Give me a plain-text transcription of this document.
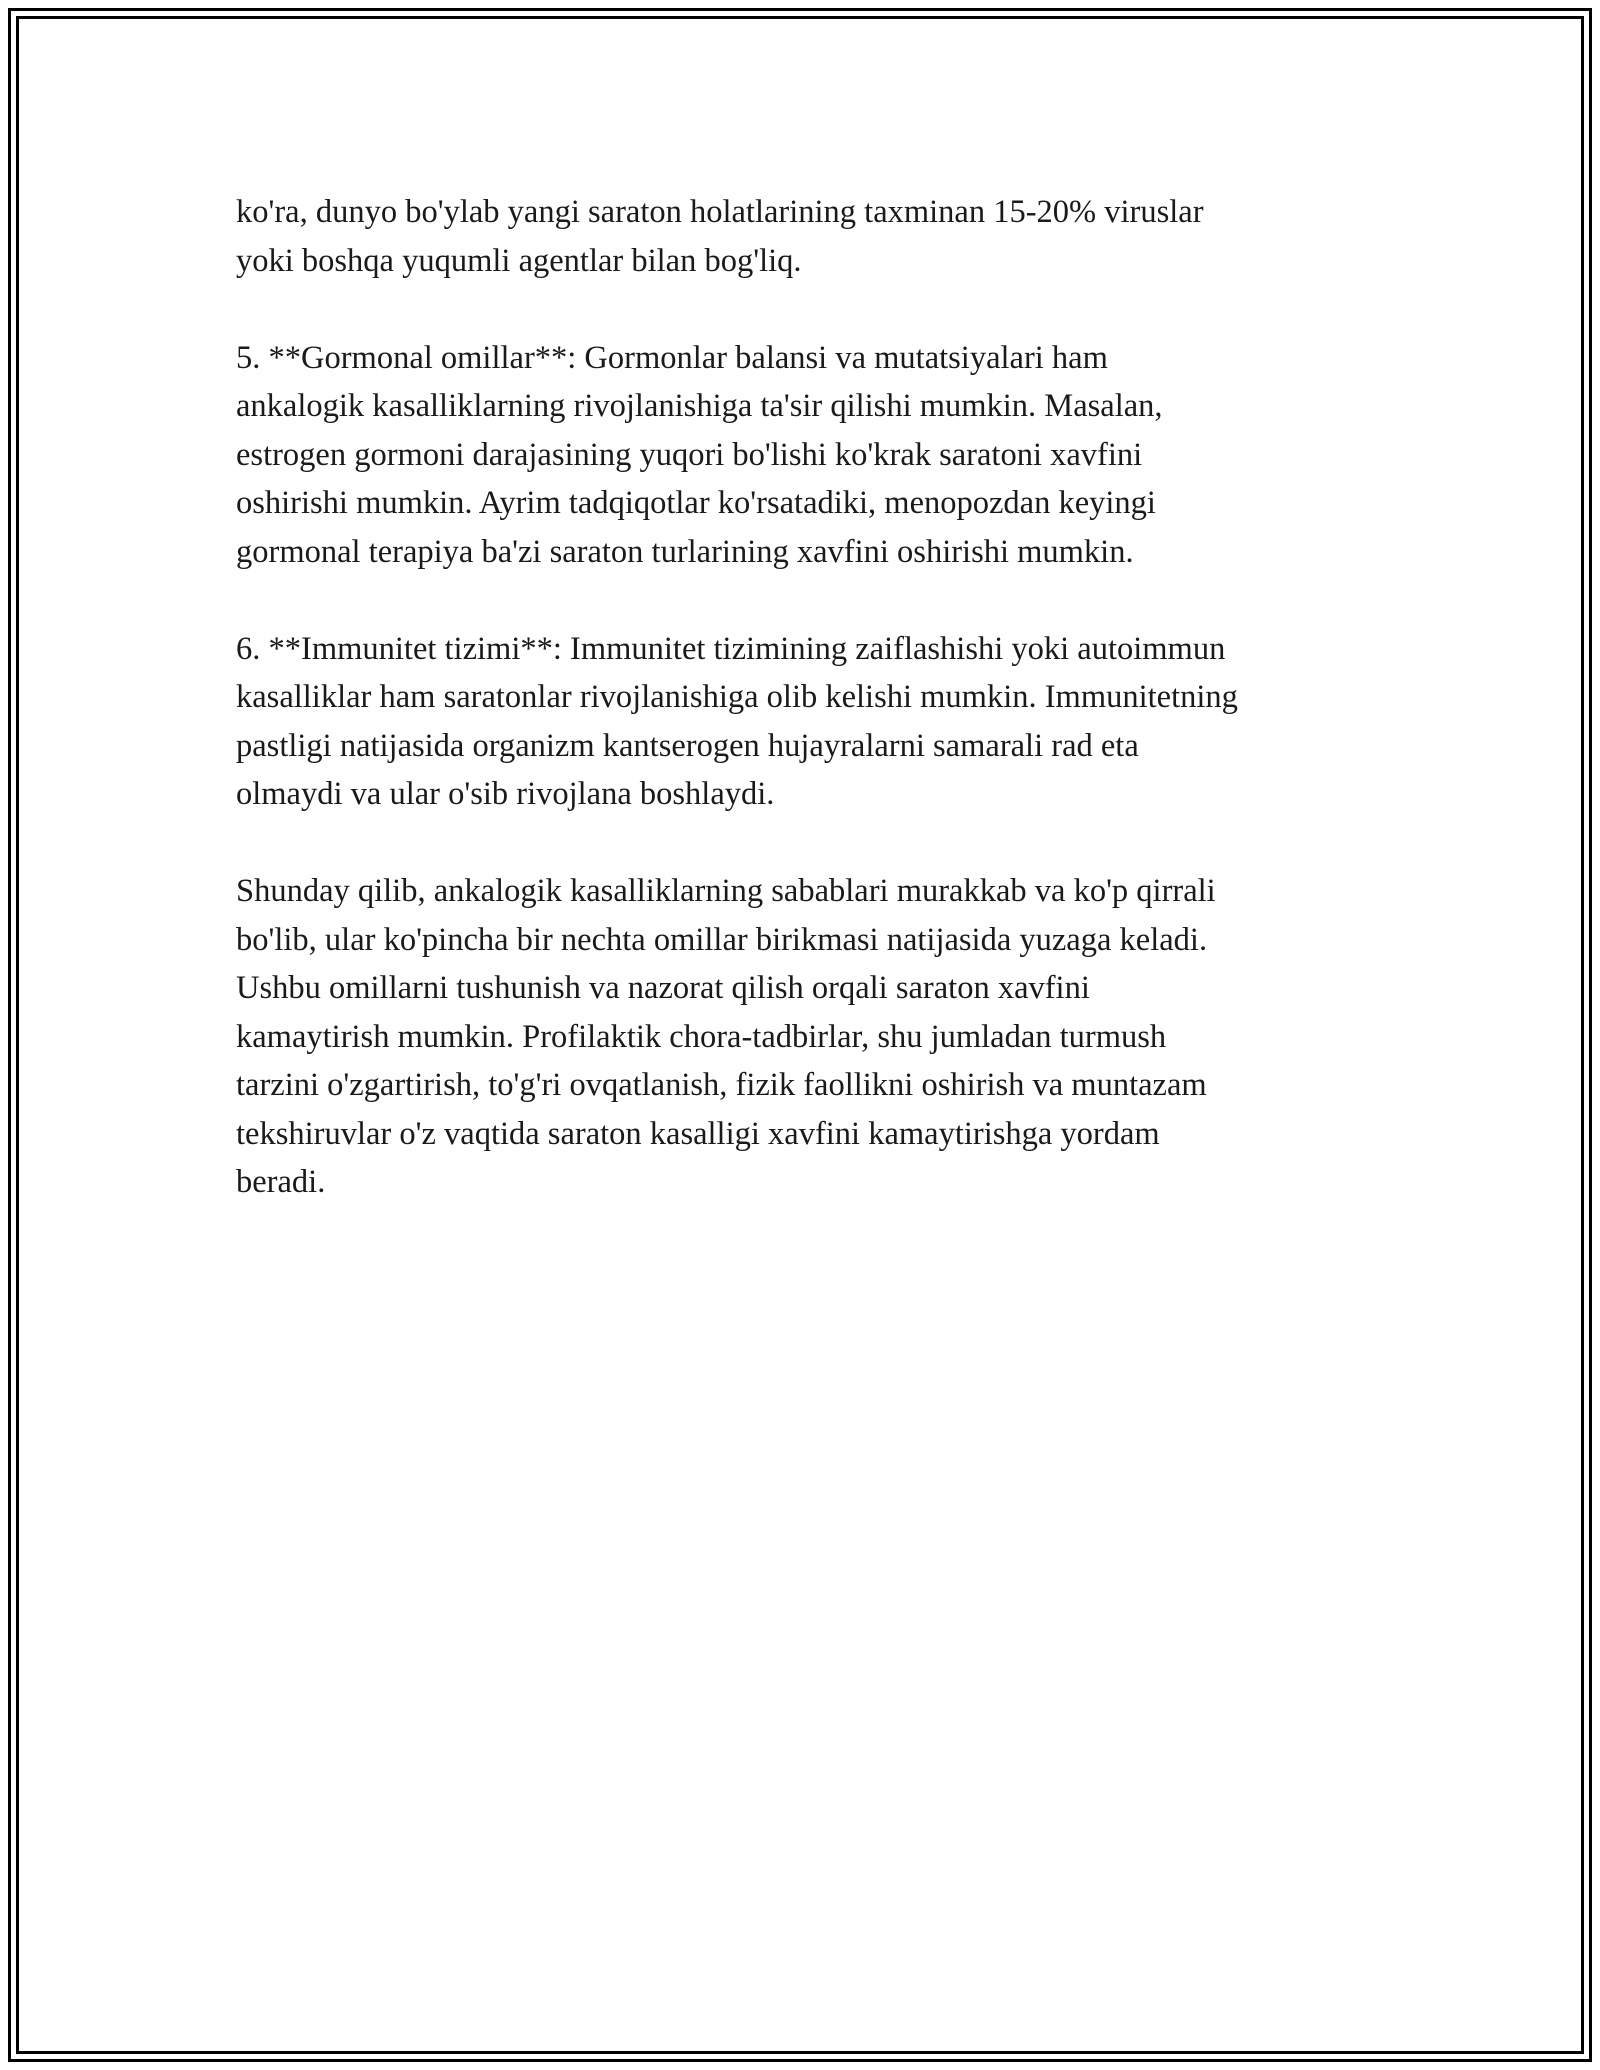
ko'ra, dunyo bo'ylab yangi saraton holatlarining taxminan 15-20% viruslar
yoki boshqa yuqumli agentlar bilan bog'liq.

5. **Gormonal omillar**: Gormonlar balansi va mutatsiyalari ham
ankalogik kasalliklarning rivojlanishiga ta'sir qilishi mumkin. Masalan,
estrogen gormoni darajasining yuqori bo'lishi ko'krak saratoni xavfini
oshirishi mumkin. Ayrim tadqiqotlar ko'rsatadiki, menopozdan keyingi
gormonal terapiya ba'zi saraton turlarining xavfini oshirishi mumkin.

6. **Immunitet tizimi**: Immunitet tizimining zaiflashishi yoki autoimmun
kasalliklar ham saratonlar rivojlanishiga olib kelishi mumkin. Immunitetning
pastligi natijasida organizm kantserogen hujayralarni samarali rad eta
olmaydi va ular o'sib rivojlana boshlaydi.

Shunday qilib, ankalogik kasalliklarning sabablari murakkab va ko'p qirrali
bo'lib, ular ko'pincha bir nechta omillar birikmasi natijasida yuzaga keladi.
Ushbu omillarni tushunish va nazorat qilish orqali saraton xavfini
kamaytirish mumkin. Profilaktik chora-tadbirlar, shu jumladan turmush
tarzini o'zgartirish, to'g'ri ovqatlanish, fizik faollikni oshirish va muntazam
tekshiruvlar o'z vaqtida saraton kasalligi xavfini kamaytirishga yordam
beradi.
